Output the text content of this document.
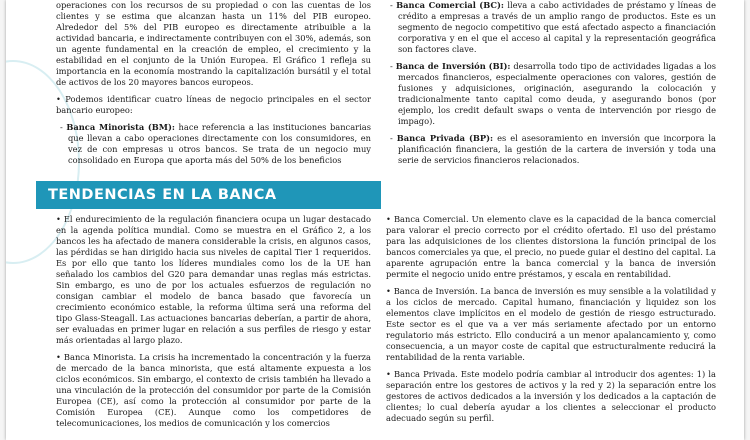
operaciones con los recursos de su propiedad o con las cuentas de los clientes y se estima que alcanzan hasta un 11% del PIB europeo. Alrededor del 5% del PIB europeo es directamente atribuible a la actividad bancaria, e indirectamente contribuyen con el 30%, además, son un agente fundamental en la creación de empleo, el crecimiento y la estabilidad en el conjunto de la Unión Europea. El Gráfico 1 refleja su importancia en la economía mostrando la capitalización bursátil y el total de activos de los 20 mayores bancos europeos.

• Podemos identificar cuatro líneas de negocio principales en el sector bancario europeo:

- Banca Minorista (BM): hace referencia a las instituciones bancarias que llevan a cabo operaciones directamente con los consumidores, en vez de con empresas u otros bancos. Se trata de un negocio muy consolidado en Europa que aporta más del 50% de los beneficios

- Banca Comercial (BC): lleva a cabo actividades de préstamo y líneas de crédito a empresas a través de un amplio rango de productos. Este es un segmento de negocio competitivo que está afectado aspecto a financiación corporativa y en el que el acceso al capital y la representación geográfica son factores clave.

- Banca de Inversión (BI): desarrolla todo tipo de actividades ligadas a los mercados financieros, especialmente operaciones con valores, gestión de fusiones y adquisiciones, originación, asegurando la colocación y tradicionalmente tanto capital como deuda, y asegurando bonos (por ejemplo, los credit default swaps o venta de intervención por riesgo de impago).

- Banca Privada (BP): es el asesoramiento en inversión que incorpora la planificación financiera, la gestión de la cartera de inversión y toda una serie de servicios financieros relacionados.

TENDENCIAS EN LA BANCA

• El endurecimiento de la regulación financiera ocupa un lugar destacado en la agenda política mundial. Como se muestra en el Gráfico 2, a los bancos les ha afectado de manera considerable la crisis, en algunos casos, las pérdidas se han dirigido hacia sus niveles de capital Tier 1 requeridos. Es por ello que tanto los líderes mundiales como los de la UE han señalado los cambios del G20 para demandar unas reglas más estrictas. Sin embargo, es uno de por los actuales esfuerzos de regulación no consigan cambiar el modelo de banca basado que favorecía un crecimiento económico estable, la reforma última será una reforma del tipo Glass-Steagall. Las actuaciones bancarias deberían, a partir de ahora, ser evaluadas en primer lugar en relación a sus perfiles de riesgo y estar más orientadas al largo plazo.

• Banca Minorista. La crisis ha incrementado la concentración y la fuerza de mercado de la banca minorista, que está altamente expuesta a los ciclos económicos. Sin embargo, el contexto de crisis también ha llevado a una vinculación de la protección del consumidor por parte de la Comisión Europea (CE), así como la protección al consumidor por parte de la Comisión Europea (CE). Aunque como los competidores de telecomunicaciones, los medios de comunicación y los comercios

• Banca Comercial. Un elemento clave es la capacidad de la banca comercial para valorar el precio correcto por el crédito ofertado. El uso del préstamo para las adquisiciones de los clientes distorsiona la función principal de los bancos comerciales ya que, el precio, no puede guiar el destino del capital. La aparente agrupación entre la banca comercial y la banca de inversión permite el negocio unido entre préstamos, y escala en rentabilidad.

• Banca de Inversión. La banca de inversión es muy sensible a la volatilidad y a los ciclos de mercado. Capital humano, financiación y liquidez son los elementos clave implícitos en el modelo de gestión de riesgo estructurado. Este sector es el que va a ver más seriamente afectado por un entorno regulatorio más estricto. Ello conducirá a un menor apalancamiento y, como consecuencia, a un mayor coste de capital que estructuralmente reducirá la rentabilidad de la renta variable.

• Banca Privada. Este modelo podría cambiar al introducir dos agentes: 1) la separación entre los gestores de activos y la red y 2) la separación entre los gestores de activos dedicados a la inversión y los dedicados a la captación de clientes; lo cual debería ayudar a los clientes a seleccionar el producto adecuado según su perfil.
